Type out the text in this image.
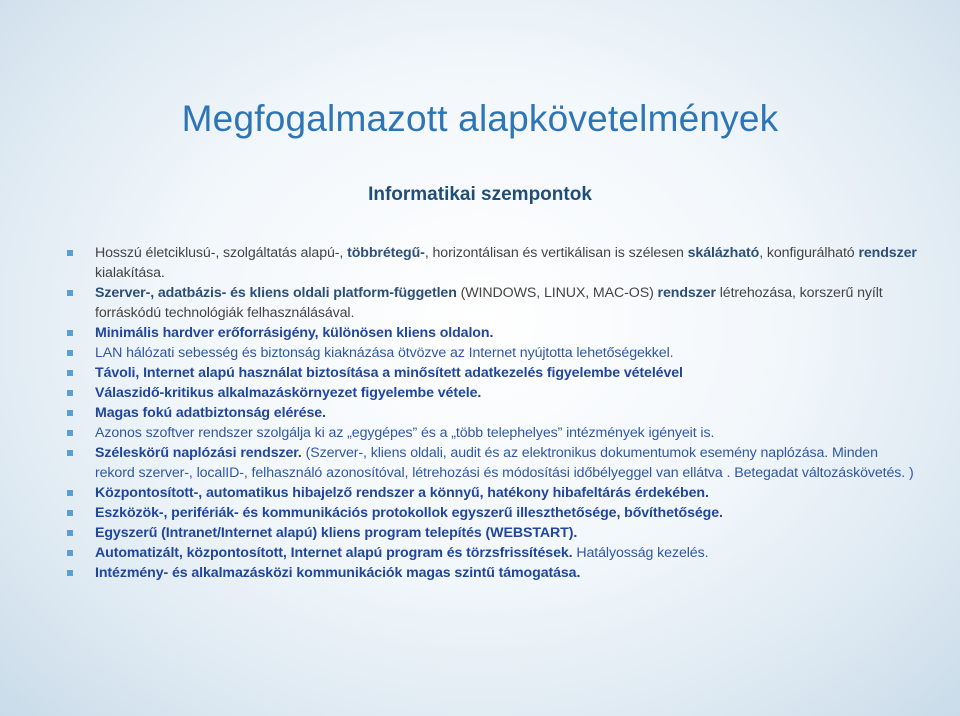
Megfogalmazott alapkövetelmények
Informatikai szempontok
Hosszú életciklusú-, szolgáltatás alapú-, többrétegű-, horizontálisan és vertikálisan is szélesen skálázható, konfigurálható rendszer kialakítása.
Szerver-, adatbázis- és kliens oldali platform-független (WINDOWS, LINUX, MAC-OS) rendszer létrehozása, korszerű nyílt forráskódú technológiák felhasználásával.
Minimális hardver erőforrásigény, különösen kliens oldalon.
LAN hálózati sebesség és biztonság kiaknázása ötvözve az Internet nyújtotta lehetőségekkel.
Távoli, Internet alapú használat biztosítása a minősített adatkezelés figyelembe vételével
Válaszidő-kritikus alkalmazáskörnyezet figyelembe vétele.
Magas fokú adatbiztonság elérése.
Azonos szoftver rendszer szolgálja ki az „egygépes” és a „több telephelyes” intézmények igényeit is.
Széleskörű naplózási rendszer. (Szerver-, kliens oldali, audit és az elektronikus dokumentumok esemény naplózása. Minden rekord szerver-, localID-, felhasználó azonosítóval, létrehozási és módosítási időbélyeggel van ellátva . Betegadat változáskövetés. )
Központosított-, automatikus hibajelző rendszer a könnyű, hatékony hibafeltárás érdekében.
Eszközök-, perifériák- és kommunikációs protokollok egyszerű illeszthetősége, bővíthetősége.
Egyszerű (Intranet/Internet alapú) kliens program telepítés (WEBSTART).
Automatizált, központosított, Internet alapú program és törzsfrissítések. Hatályosság kezelés.
Intézmény- és alkalmazásközi kommunikációk magas szintű támogatása.
